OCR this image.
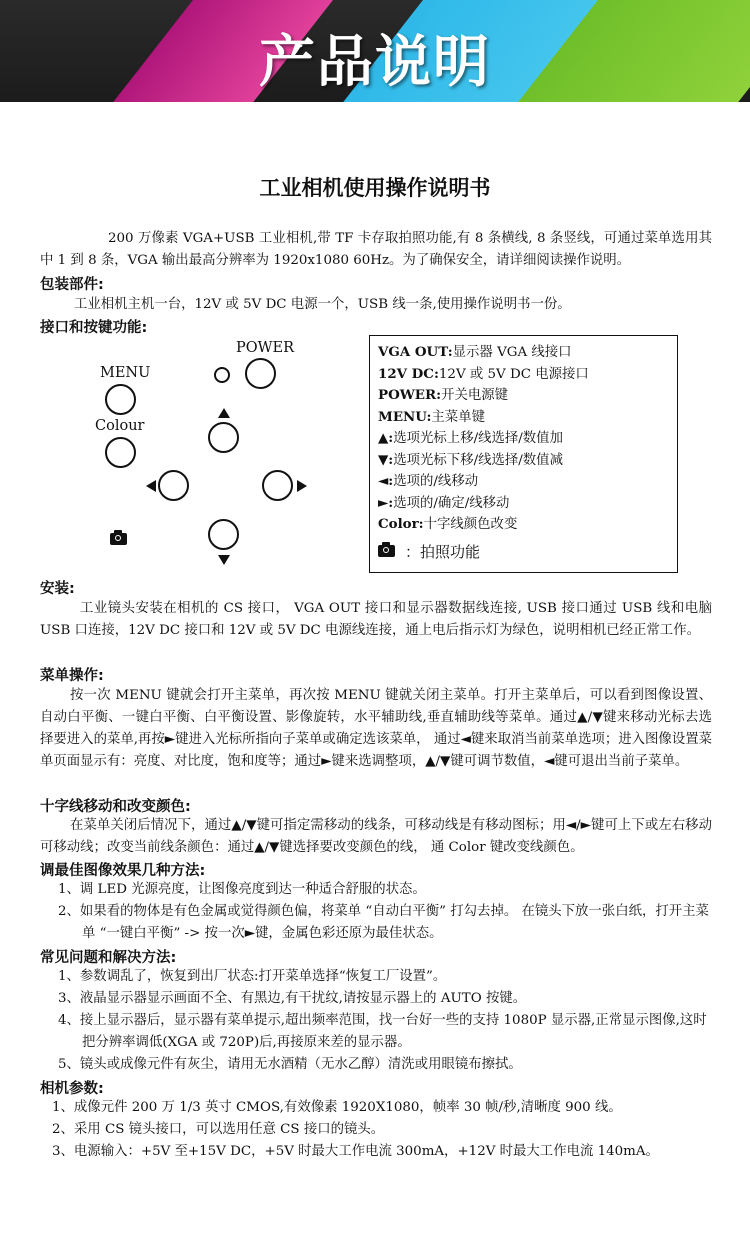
产品说明
工业相机使用操作说明书
200 万像素 VGA+USB 工业相机,带 TF 卡存取拍照功能,有 8 条横线, 8 条竖线，可通过菜单选用其中 1 到 8 条，VGA 输出最高分辨率为 1920x1080 60Hz。为了确保安全，请详细阅读操作说明。
包装部件:
工业相机主机一台，12V 或 5V DC 电源一个，USB 线一条,使用操作说明书一份。
接口和按键功能:
POWER
MENU
Colour
VGA OUT:显示器 VGA 线接口
12V DC:12V 或 5V DC 电源接口
POWER:开关电源键
MENU:主菜单键
▲:选项光标上移/线选择/数值加
▼:选项光标下移/线选择/数值减
◄:选项的/线移动
►:选项的/确定/线移动
Color:十字线颜色改变
：拍照功能
安装:
工业镜头安装在相机的 CS 接口， VGA OUT 接口和显示器数据线连接, USB 接口通过 USB 线和电脑 USB 口连接，12V DC 接口和 12V 或 5V DC 电源线连接，通上电后指示灯为绿色，说明相机已经正常工作。
菜单操作:
按一次 MENU 键就会打开主菜单，再次按 MENU 键就关闭主菜单。打开主菜单后，可以看到图像设置、自动白平衡、一键白平衡、白平衡设置、影像旋转，水平辅助线,垂直辅助线等菜单。通过▲/▼键来移动光标去选择要进入的菜单,再按►键进入光标所指向子菜单或确定选该菜单， 通过◄键来取消当前菜单选项；进入图像设置菜单页面显示有：亮度、对比度，饱和度等；通过►键来选调整项，▲/▼键可调节数值，◄键可退出当前子菜单。
十字线移动和改变颜色:
在菜单关闭后情况下，通过▲/▼键可指定需移动的线条，可移动线是有移动图标；用◄/►键可上下或左右移动可移动线；改变当前线条颜色：通过▲/▼键选择要改变颜色的线， 通 Color 键改变线颜色。
调最佳图像效果几种方法:
1、调 LED 光源亮度，让图像亮度到达一种适合舒服的状态。
2、如果看的物体是有色金属或觉得颜色偏，将菜单 “自动白平衡” 打勾去掉。 在镜头下放一张白纸，打开主菜单 “一键白平衡” -> 按一次►键，金属色彩还原为最佳状态。
常见问题和解决方法:
1、参数调乱了，恢复到出厂状态:打开菜单选择“恢复工厂设置”。
3、液晶显示器显示画面不全、有黑边,有干扰纹,请按显示器上的 AUTO 按键。
4、接上显示器后，显示器有菜单提示,超出频率范围，找一台好一些的支持 1080P 显示器,正常显示图像,这时把分辨率调低(XGA 或 720P)后,再接原来差的显示器。
5、镜头或成像元件有灰尘，请用无水酒精（无水乙醇）清洗或用眼镜布擦拭。
相机参数:
1、成像元件 200 万 1/3 英寸 CMOS,有效像素 1920X1080，帧率 30 帧/秒,清晰度 900 线。
2、采用 CS 镜头接口，可以选用任意 CS 接口的镜头。
3、电源输入：+5V 至+15V DC，+5V 时最大工作电流 300mA，+12V 时最大工作电流 140mA。
